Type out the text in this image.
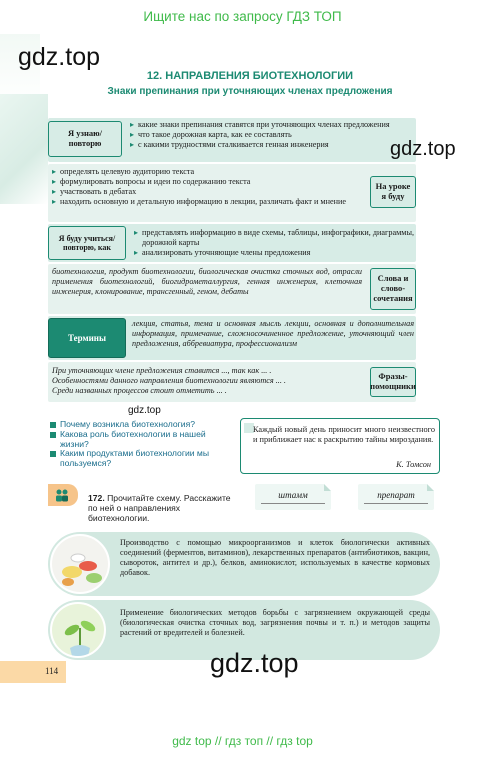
Ищите нас по запросу ГДЗ ТОП
gdz.top
12. НАПРАВЛЕНИЯ БИОТЕХНОЛОГИИ
Знаки препинания при уточняющих членах предложения
Я узнаю/ повторю
▸ какие знаки препинания ставятся при уточняющих членах предложения
▸ что такое дорожная карта, как ее составлять
▸ с какими трудностями сталкивается генная инженерия	gdz.top
▸ определять целевую аудиторию текста
▸ формулировать вопросы и идеи по содержанию текста
▸ участвовать в дебатах
▸ находить основную и детальную информацию в лекции, различать факт и мнение
На уроке я буду
Я буду учиться/повторю, как
▸ представлять информацию в виде схемы, таблицы, инфографики, диаграммы, дорожной карты
▸ анализировать уточняющие члены предложения
биотехнология, продукт биотехнологии, биологическая очистка сточных вод, отрасли применения биотехнологий, биогидрометаллургия, генная инженерия, клеточная инженерия, клонирование, трансгенный, геном, дебаты
Слова и слово-сочетания
Термины
лекция, статья, тема и основная мысль лекции, основная и дополнительная информация, примечание, сложносочиненное предложение, уточняющий член предложения, аббревиатура, профессионализм
При уточняющих члене предложения ставится ..., так как ... .
Особенностями данного направления биотехнологии являются ... .
Среди названных процессов стоит отметить ... .
Фразы-помощники
gdz.top
Почему возникла биотехнология?
Какова роль биотехнологии в нашей жизни?
Каким продуктами биотехнологии мы пользуемся?
Каждый новый день приносит много неизвестного и приближает нас к раскрытию тайны мироздания.
К. Томсон
172. Прочитайте схему. Расскажите по ней о направлениях биотехнологии.
штамм	препарат
Производство с помощью микроорганизмов и клеток биологически активных соединений (ферментов, витаминов), лекарственных препаратов (антибиотиков, вакцин, сывороток, антител и др.), белков, аминокислот, используемых в качестве кормовых добавок.
Применение биологических методов борьбы с загрязнением окружающей среды (биологическая очистка сточных вод, загрязнения почвы и т. п.) и методов защиты растений от вредителей и болезней.
gdz.top
114
gdz top // гдз топ // гдз top
